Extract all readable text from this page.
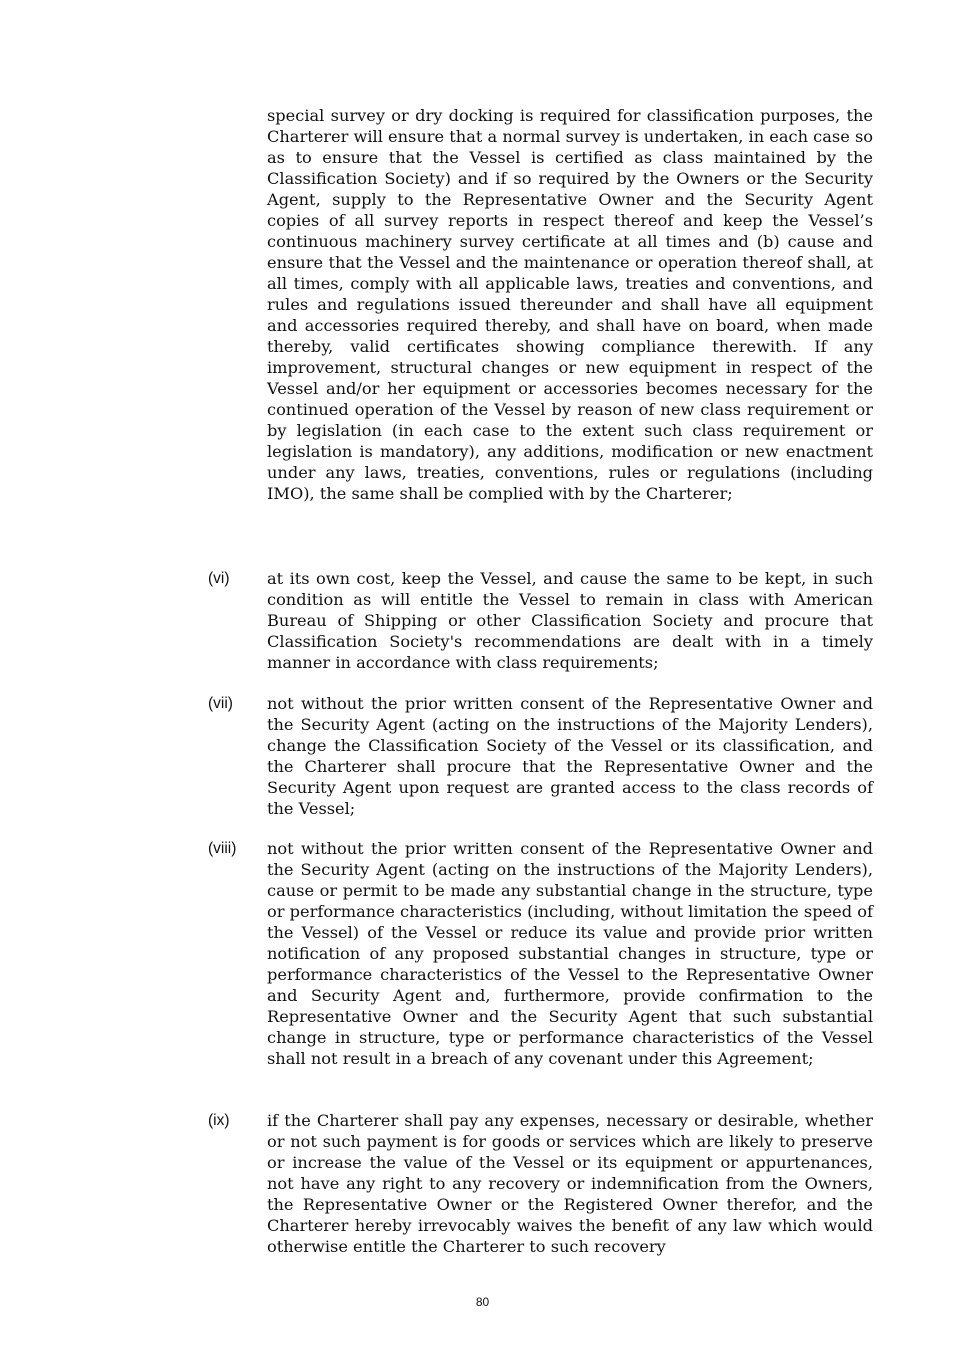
special survey or dry docking is required for classification purposes, the Charterer will ensure that a normal survey is undertaken, in each case so as to ensure that the Vessel is certified as class maintained by the Classification Society) and if so required by the Owners or the Security Agent, supply to the Representative Owner and the Security Agent copies of all survey reports in respect thereof and keep the Vessel’s continuous machinery survey certificate at all times and (b) cause and ensure that the Vessel and the maintenance or operation thereof shall, at all times, comply with all applicable laws, treaties and conventions, and rules and regulations issued thereunder and shall have all equipment and accessories required thereby, and shall have on board, when made thereby, valid certificates showing compliance therewith. If any improvement, structural changes or new equipment in respect of the Vessel and/or her equipment or accessories becomes necessary for the continued operation of the Vessel by reason of new class requirement or by legislation (in each case to the extent such class requirement or legislation is mandatory), any additions, modification or new enactment under any laws, treaties, conventions, rules or regulations (including IMO), the same shall be complied with by the Charterer;

(vi) at its own cost, keep the Vessel, and cause the same to be kept, in such condition as will entitle the Vessel to remain in class with American Bureau of Shipping or other Classification Society and procure that Classification Society's recommendations are dealt with in a timely manner in accordance with class requirements;

(vii) not without the prior written consent of the Representative Owner and the Security Agent (acting on the instructions of the Majority Lenders), change the Classification Society of the Vessel or its classification, and the Charterer shall procure that the Representative Owner and the Security Agent upon request are granted access to the class records of the Vessel;

(viii) not without the prior written consent of the Representative Owner and the Security Agent (acting on the instructions of the Majority Lenders), cause or permit to be made any substantial change in the structure, type or performance characteristics (including, without limitation the speed of the Vessel) of the Vessel or reduce its value and provide prior written notification of any proposed substantial changes in structure, type or performance characteristics of the Vessel to the Representative Owner and Security Agent and, furthermore, provide confirmation to the Representative Owner and the Security Agent that such substantial change in structure, type or performance characteristics of the Vessel shall not result in a breach of any covenant under this Agreement;

(ix) if the Charterer shall pay any expenses, necessary or desirable, whether or not such payment is for goods or services which are likely to preserve or increase the value of the Vessel or its equipment or appurtenances, not have any right to any recovery or indemnification from the Owners, the Representative Owner or the Registered Owner therefor, and the Charterer hereby irrevocably waives the benefit of any law which would otherwise entitle the Charterer to such recovery

80
